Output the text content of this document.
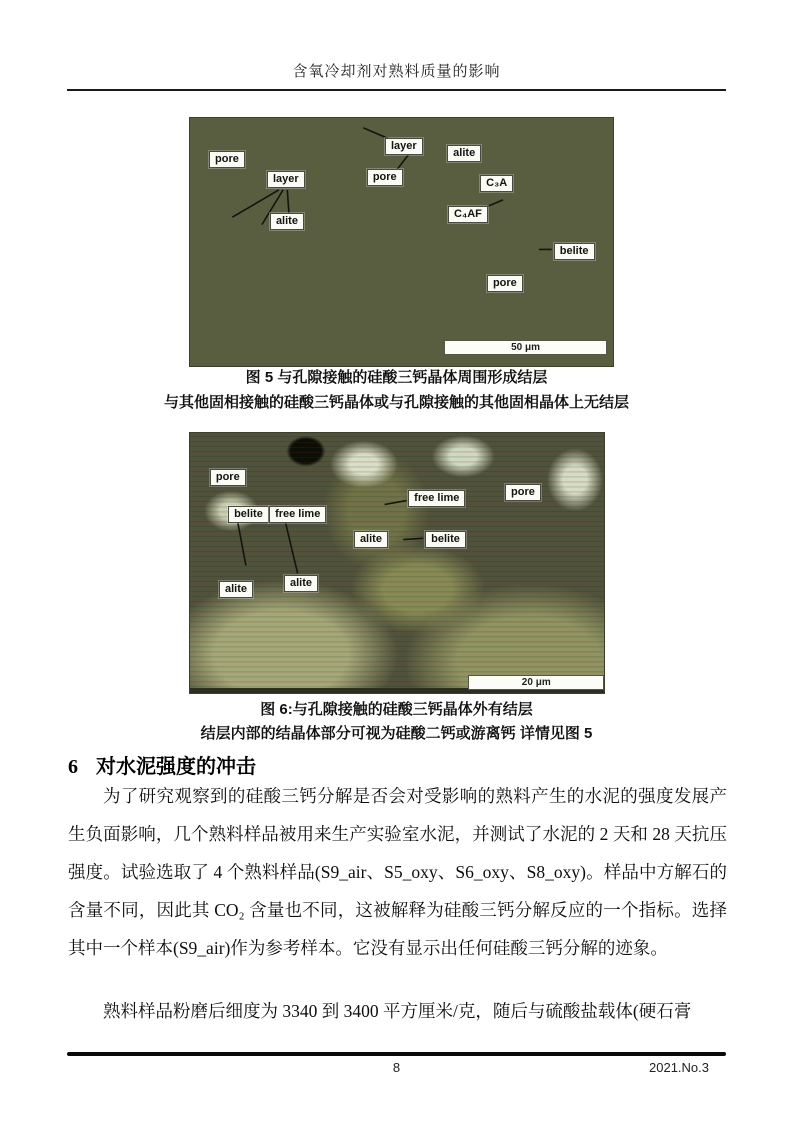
含氧冷却剂对熟料质量的影响
50 μm
pore
layer
alite
layer
pore
alite
C₃A
C₄AF
belite
pore
图 5 与孔隙接触的硅酸三钙晶体周围形成结层
与其他固相接触的硅酸三钙晶体或与孔隙接触的其他固相晶体上无结层
20 μm
pore
free lime
pore
belite	free lime
alite	belite
alite	alite
图 6:与孔隙接触的硅酸三钙晶体外有结层
结层内部的结晶体部分可视为硅酸二钙或游离钙 详情见图 5
6 对水泥强度的冲击

为了研究观察到的硅酸三钙分解是否会对受影响的熟料产生的水泥的强度发展产生负面影响，几个熟料样品被用来生产实验室水泥，并测试了水泥的 2 天和 28 天抗压强度。试验选取了 4 个熟料样品(S9_air、S5_oxy、S6_oxy、S8_oxy)。样品中方解石的含量不同，因此其 CO₂ 含量也不同，这被解释为硅酸三钙分解反应的一个指标。选择其中一个样本(S9_air)作为参考样本。它没有显示出任何硅酸三钙分解的迹象。

熟料样品粉磨后细度为 3340 到 3400 平方厘米/克，随后与硫酸盐载体(硬石膏

8	2021.No.3
